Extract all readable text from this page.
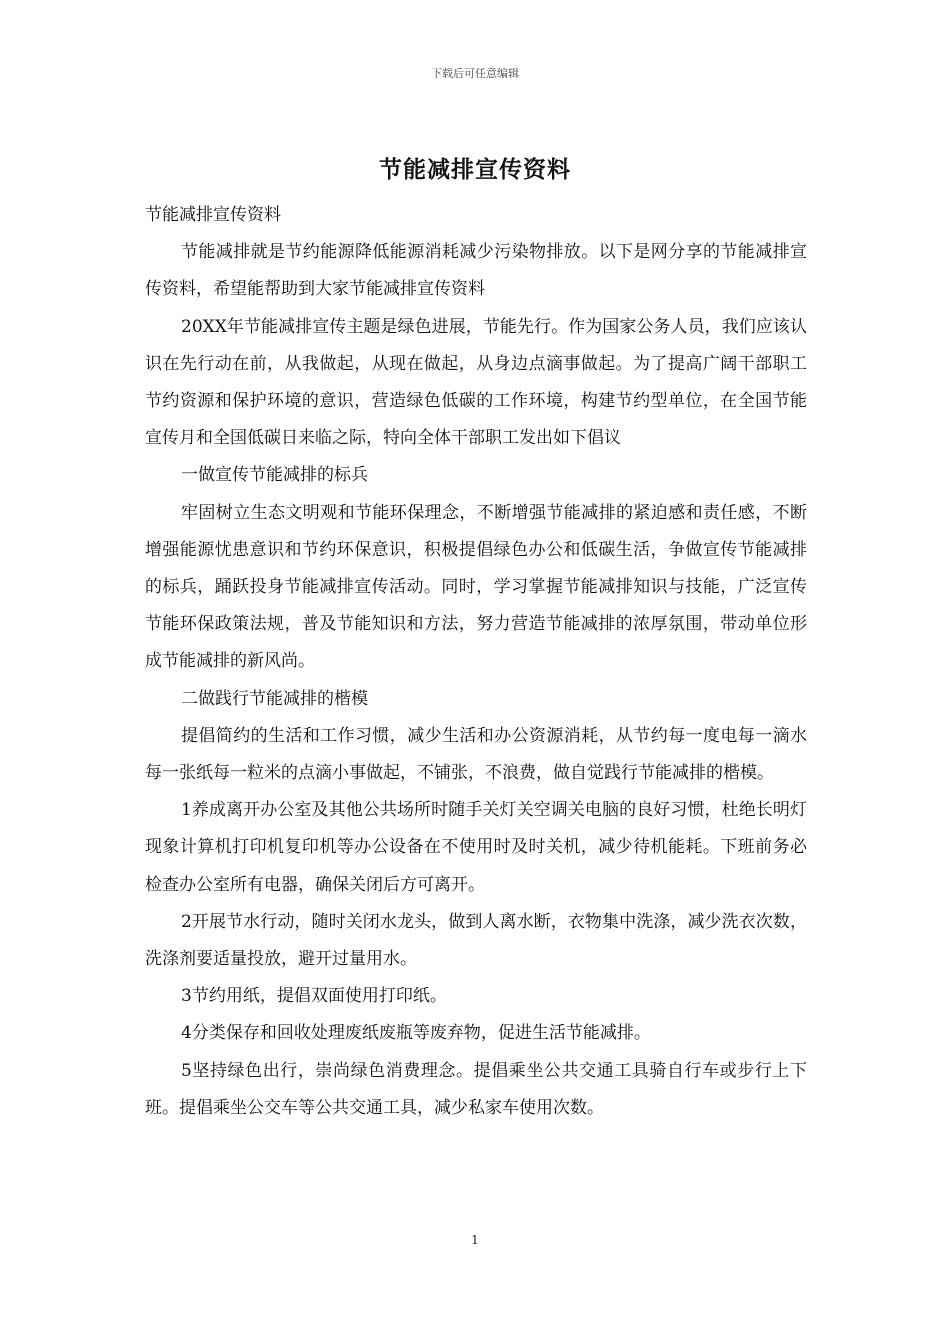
下载后可任意编辑
节能减排宣传资料

节能减排宣传资料

节能减排就是节约能源降低能源消耗减少污染物排放。以下是网分享的节能减排宣传资料，希望能帮助到大家节能减排宣传资料

20XX年节能减排宣传主题是绿色进展，节能先行。作为国家公务人员，我们应该认识在先行动在前，从我做起，从现在做起，从身边点滴事做起。为了提高广阔干部职工节约资源和保护环境的意识，营造绿色低碳的工作环境，构建节约型单位，在全国节能宣传月和全国低碳日来临之际，特向全体干部职工发出如下倡议

一做宣传节能减排的标兵

牢固树立生态文明观和节能环保理念，不断增强节能减排的紧迫感和责任感，不断增强能源忧患意识和节约环保意识，积极提倡绿色办公和低碳生活，争做宣传节能减排的标兵，踊跃投身节能减排宣传活动。同时，学习掌握节能减排知识与技能，广泛宣传节能环保政策法规，普及节能知识和方法，努力营造节能减排的浓厚氛围，带动单位形成节能减排的新风尚。

二做践行节能减排的楷模

提倡简约的生活和工作习惯，减少生活和办公资源消耗，从节约每一度电每一滴水每一张纸每一粒米的点滴小事做起，不铺张，不浪费，做自觉践行节能减排的楷模。

1养成离开办公室及其他公共场所时随手关灯关空调关电脑的良好习惯，杜绝长明灯现象计算机打印机复印机等办公设备在不使用时及时关机，减少待机能耗。下班前务必检查办公室所有电器，确保关闭后方可离开。

2开展节水行动，随时关闭水龙头，做到人离水断，衣物集中洗涤，减少洗衣次数，洗涤剂要适量投放，避开过量用水。

3节约用纸，提倡双面使用打印纸。

4分类保存和回收处理废纸废瓶等废弃物，促进生活节能减排。

5坚持绿色出行，崇尚绿色消费理念。提倡乘坐公共交通工具骑自行车或步行上下班。提倡乘坐公交车等公共交通工具，减少私家车使用次数。

1
